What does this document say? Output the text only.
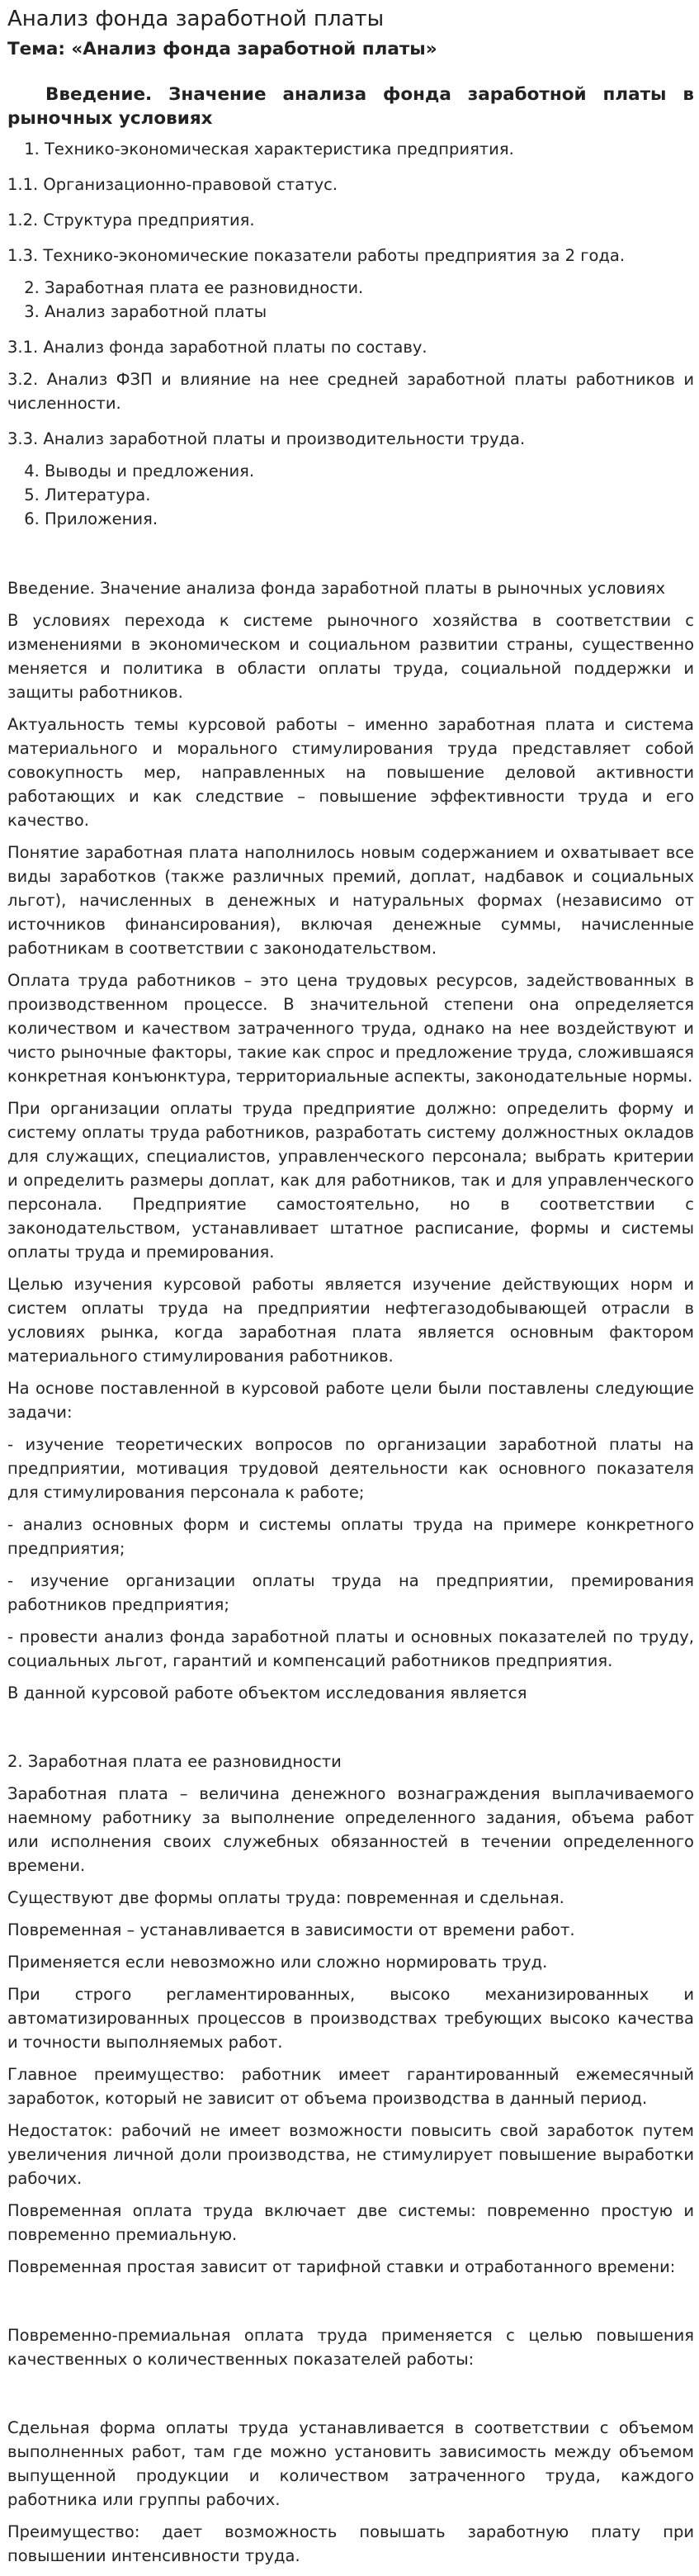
Анализ фонда заработной платы
Тема: «Анализ фонда заработной платы»
Введение. Значение анализа фонда заработной платы в рыночных условиях
1. Технико-экономическая характеристика предприятия.
1.1. Организационно-правовой статус.
1.2. Структура предприятия.
1.3. Технико-экономические показатели работы предприятия за 2 года.
2. Заработная плата ее разновидности.
3. Анализ заработной платы
3.1. Анализ фонда заработной платы по составу.
3.2. Анализ ФЗП и влияние на нее средней заработной платы работников и численности.
3.3. Анализ заработной платы и производительности труда.
4. Выводы и предложения.
5. Литература.
6. Приложения.
Введение. Значение анализа фонда заработной платы в рыночных условиях
В условиях перехода к системе рыночного хозяйства в соответствии с изменениями в экономическом и социальном развитии страны, существенно меняется и политика в области оплаты труда, социальной поддержки и защиты работников.
Актуальность темы курсовой работы – именно заработная плата и система материального и морального стимулирования труда представляет собой совокупность мер, направленных на повышение деловой активности работающих и как следствие – повышение эффективности труда и его качество.
Понятие заработная плата наполнилось новым содержанием и охватывает все виды заработков (также различных премий, доплат, надбавок и социальных льгот), начисленных в денежных и натуральных формах (независимо от источников финансирования), включая денежные суммы, начисленные работникам в соответствии с законодательством.
Оплата труда работников – это цена трудовых ресурсов, задействованных в производственном процессе. В значительной степени она определяется количеством и качеством затраченного труда, однако на нее воздействуют и чисто рыночные факторы, такие как спрос и предложение труда, сложившаяся конкретная конъюнктура, территориальные аспекты, законодательные нормы.
При организации оплаты труда предприятие должно: определить форму и систему оплаты труда работников, разработать систему должностных окладов для служащих, специалистов, управленческого персонала; выбрать критерии и определить размеры доплат, как для работников, так и для управленческого персонала. Предприятие самостоятельно, но в соответствии с законодательством, устанавливает штатное расписание, формы и системы оплаты труда и премирования.
Целью изучения курсовой работы является изучение действующих норм и систем оплаты труда на предприятии нефтегазодобывающей отрасли в условиях рынка, когда заработная плата является основным фактором материального стимулирования работников.
На основе поставленной в курсовой работе цели были поставлены следующие задачи:
- изучение теоретических вопросов по организации заработной платы на предприятии, мотивация трудовой деятельности как основного показателя для стимулирования персонала к работе;
- анализ основных форм и системы оплаты труда на примере конкретного предприятия;
- изучение организации оплаты труда на предприятии, премирования работников предприятия;
- провести анализ фонда заработной платы и основных показателей по труду, социальных льгот, гарантий и компенсаций работников предприятия.
В данной курсовой работе объектом исследования является
2. Заработная плата ее разновидности
Заработная плата – величина денежного вознаграждения выплачиваемого наемному работнику за выполнение определенного задания, объема работ или исполнения своих служебных обязанностей в течении определенного времени.
Существуют две формы оплаты труда: повременная и сдельная.
Повременная – устанавливается в зависимости от времени работ.
Применяется если невозможно или сложно нормировать труд.
При строго регламентированных, высоко механизированных и автоматизированных процессов в производствах требующих высоко качества и точности выполняемых работ.
Главное преимущество: работник имеет гарантированный ежемесячный заработок, который не зависит от объема производства в данный период.
Недостаток: рабочий не имеет возможности повысить свой заработок путем увеличения личной доли производства, не стимулирует повышение выработки рабочих.
Повременная оплата труда включает две системы: повременно простую и повременно премиальную.
Повременная простая зависит от тарифной ставки и отработанного времени:
Повременно-премиальная оплата труда применяется с целью повышения качественных о количественных показателей работы:
Сдельная форма оплаты труда устанавливается в соответствии с объемом выполненных работ, там где можно установить зависимость между объемом выпущенной продукции и количеством затраченного труда, каждого работника или группы рабочих.
Преимущество: дает возможность повышать заработную плату при повышении интенсивности труда.
